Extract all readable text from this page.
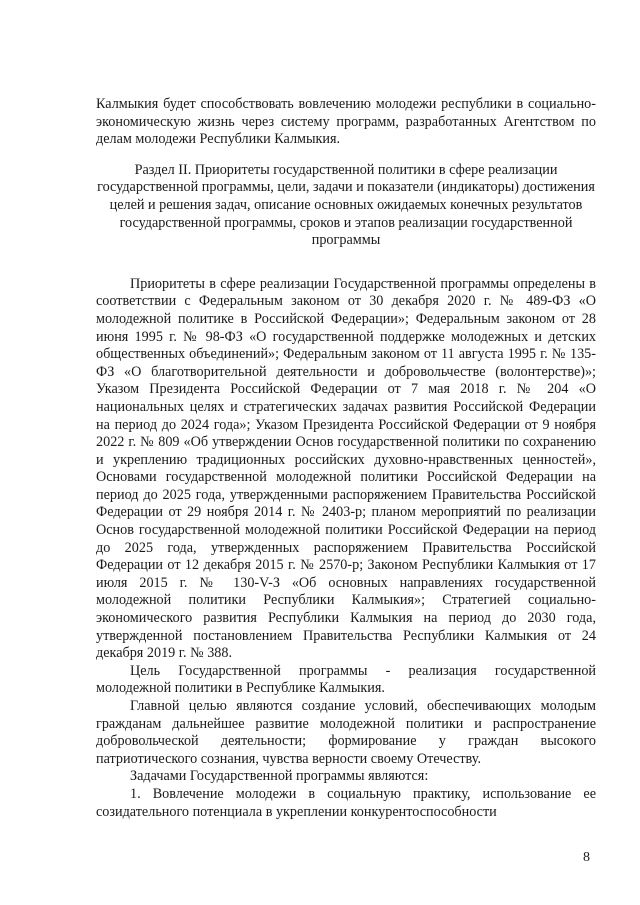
Калмыкия будет способствовать вовлечению молодежи республики в социально-экономическую жизнь через систему программ, разработанных Агентством по делам молодежи Республики Калмыкия.

Раздел II. Приоритеты государственной политики в сфере реализации государственной программы, цели, задачи и показатели (индикаторы) достижения целей и решения задач, описание основных ожидаемых конечных результатов государственной программы, сроков и этапов реализации государственной программы

Приоритеты в сфере реализации Государственной программы определены в соответствии с Федеральным законом от 30 декабря 2020 г. № 489-ФЗ «О молодежной политике в Российской Федерации»; Федеральным законом от 28 июня 1995 г. № 98-ФЗ «О государственной поддержке молодежных и детских общественных объединений»; Федеральным законом от 11 августа 1995 г. № 135-ФЗ «О благотворительной деятельности и добровольчестве (волонтерстве)»; Указом Президента Российской Федерации от 7 мая 2018 г. № 204 «О национальных целях и стратегических задачах развития Российской Федерации на период до 2024 года»; Указом Президента Российской Федерации от 9 ноября 2022 г. № 809 «Об утверждении Основ государственной политики по сохранению и укреплению традиционных российских духовно-нравственных ценностей», Основами государственной молодежной политики Российской Федерации на период до 2025 года, утвержденными распоряжением Правительства Российской Федерации от 29 ноября 2014 г. № 2403-р; планом мероприятий по реализации Основ государственной молодежной политики Российской Федерации на период до 2025 года, утвержденных распоряжением Правительства Российской Федерации от 12 декабря 2015 г. № 2570-р; Законом Республики Калмыкия от 17 июля 2015 г. № 130-V-З «Об основных направлениях государственной молодежной политики Республики Калмыкия»; Стратегией социально-экономического развития Республики Калмыкия на период до 2030 года, утвержденной постановлением Правительства Республики Калмыкия от 24 декабря 2019 г. № 388.

Цель Государственной программы - реализация государственной молодежной политики в Республике Калмыкия.

Главной целью являются создание условий, обеспечивающих молодым гражданам дальнейшее развитие молодежной политики и распространение добровольческой деятельности; формирование у граждан высокого патриотического сознания, чувства верности своему Отечеству.

Задачами Государственной программы являются:

1. Вовлечение молодежи в социальную практику, использование ее созидательного потенциала в укреплении конкурентоспособности

8
